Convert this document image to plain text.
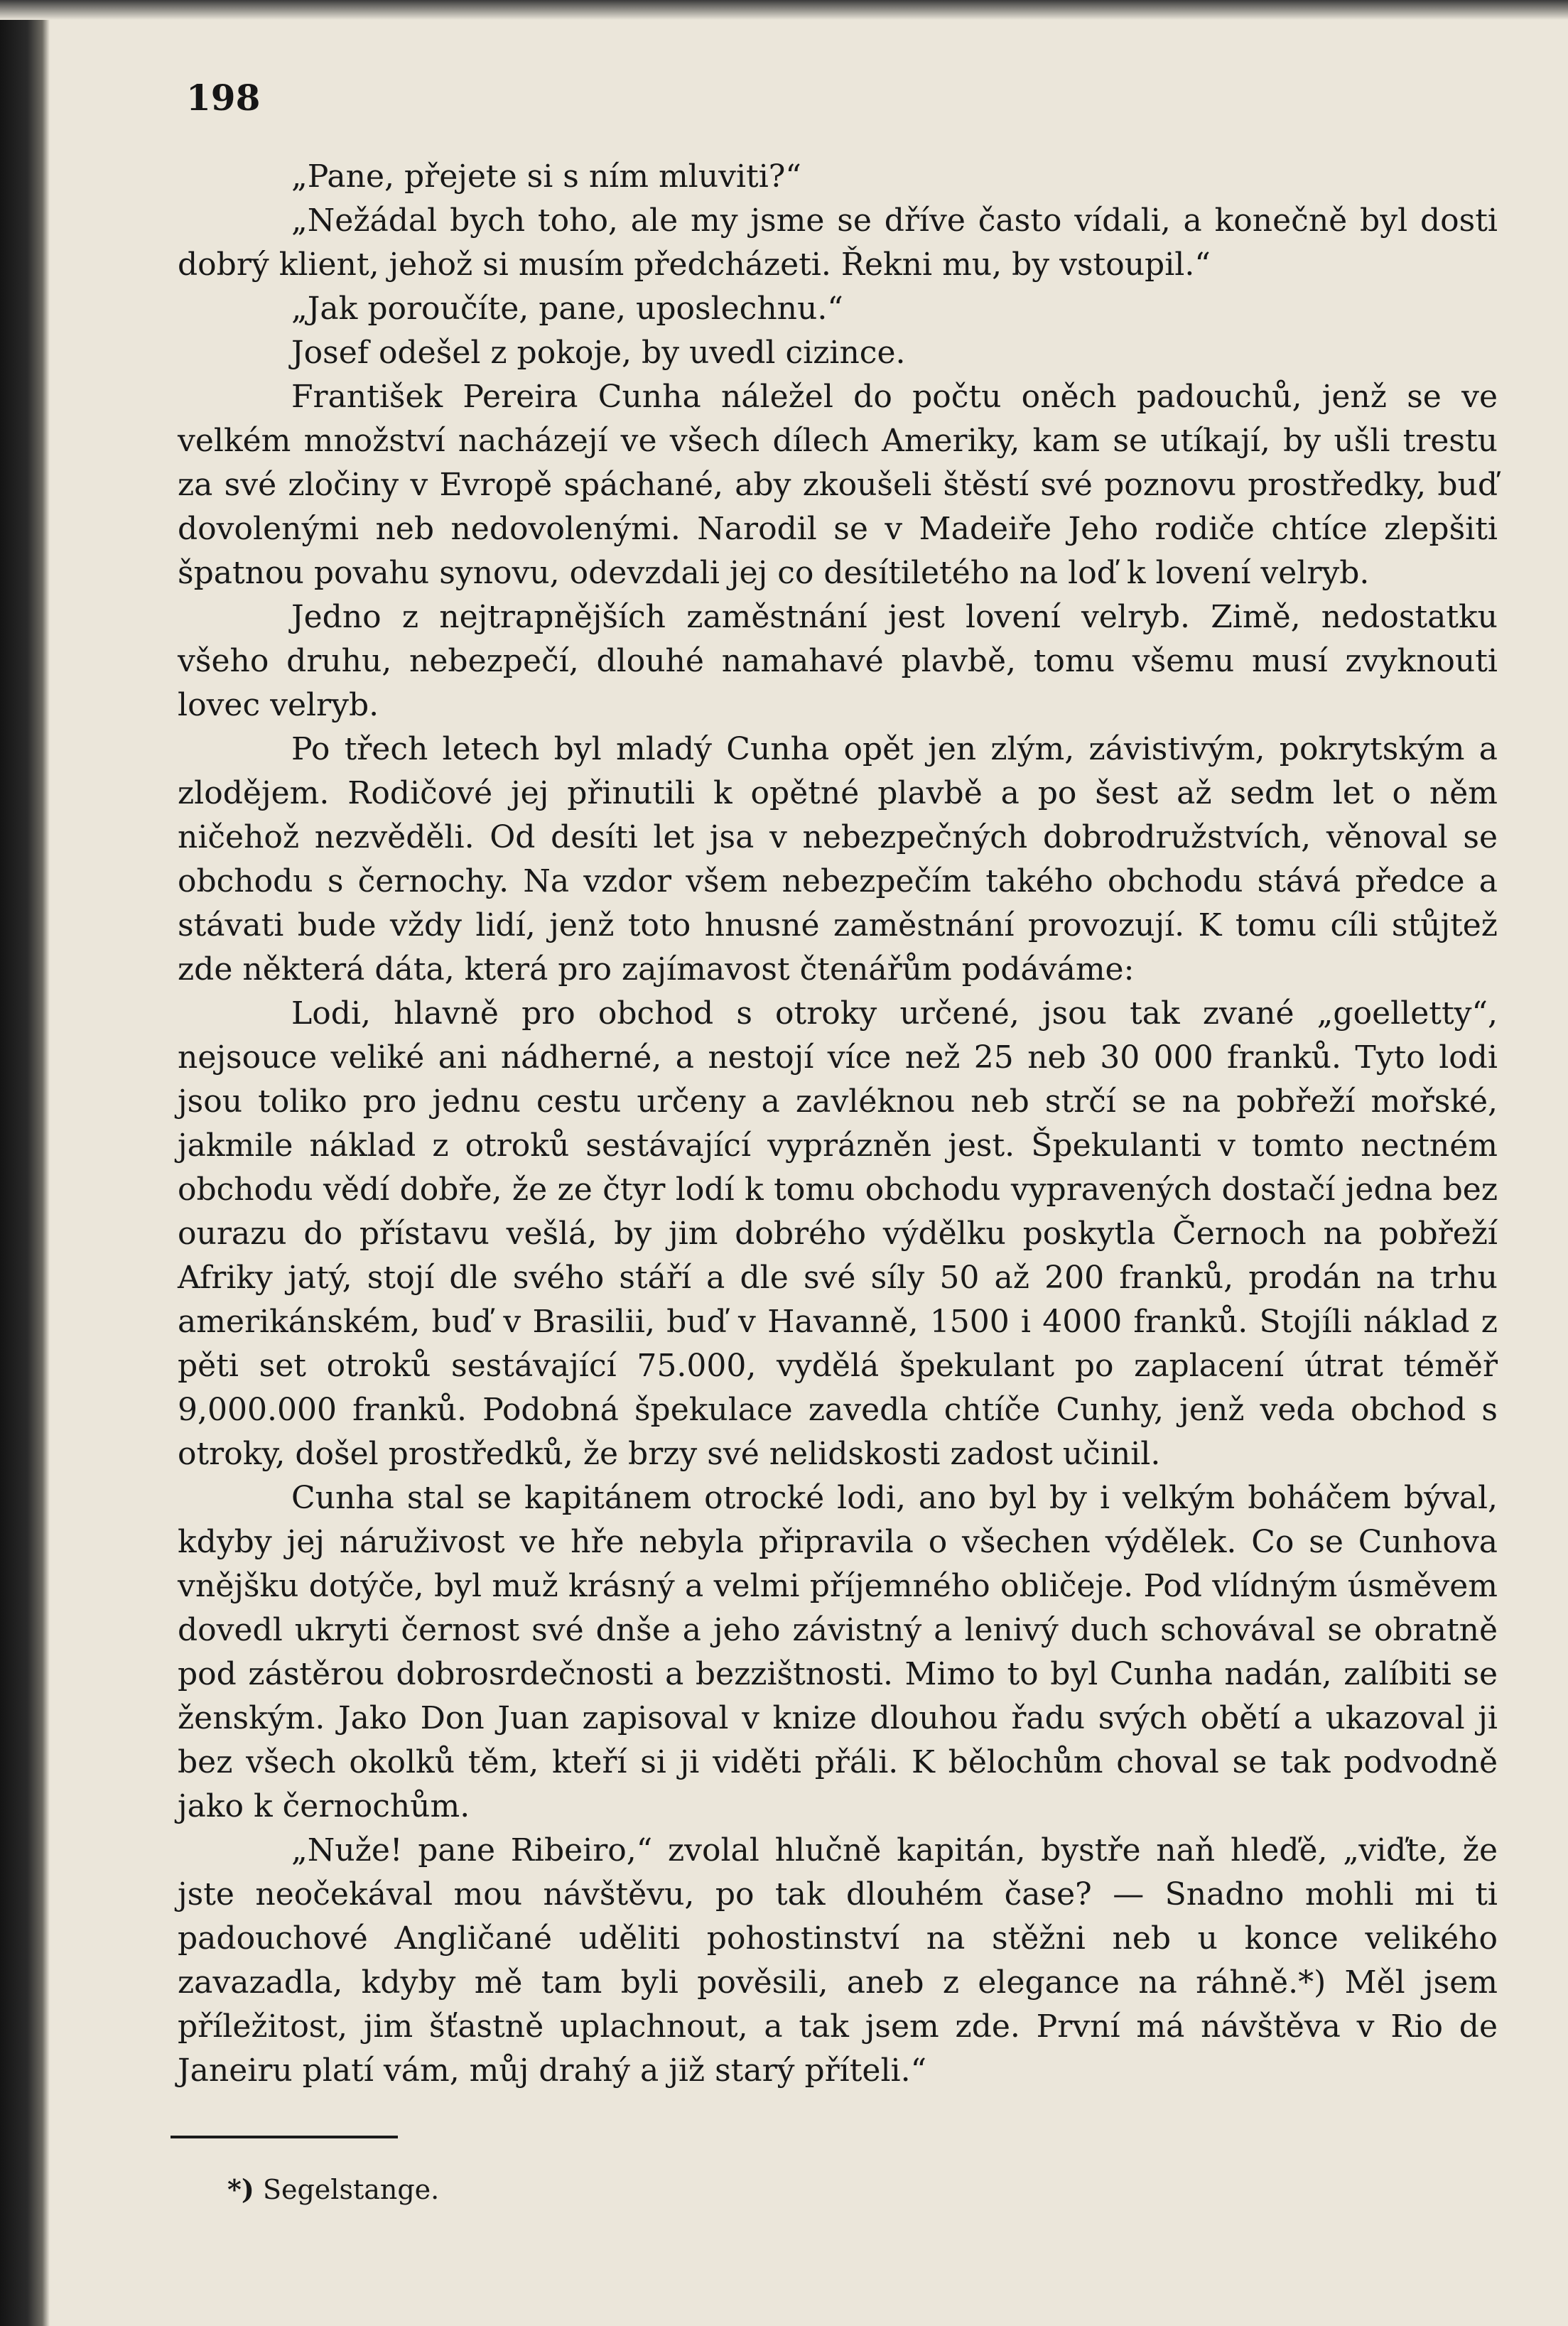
198

„Pane, přejete si s ním mluviti?“

„Nežádal bych toho, ale my jsme se dříve často vídali, a konečně byl dosti dobrý klient, jehož si musím předcházeti. Řekni mu, by vstoupil.“

„Jak poroučíte, pane, uposlechnu.“

Josef odešel z pokoje, by uvedl cizince.

František Pereira Cunha náležel do počtu oněch padouchů, jenž se ve velkém množství nacházejí ve všech dílech Ameriky, kam se utíkají, by ušli trestu za své zločiny v Evropě spáchané, aby zkoušeli štěstí své poznovu prostředky, buď dovolenými neb nedovolenými. Narodil se v Madeiře Jeho rodiče chtíce zlepšiti špatnou povahu synovu, odevzdali jej co desítiletého na loď k lovení velryb.

Jedno z nejtrapnějších zaměstnání jest lovení velryb. Zimě, nedostatku všeho druhu, nebezpečí, dlouhé namahavé plavbě, tomu všemu musí zvyknouti lovec velryb.

Po třech letech byl mladý Cunha opět jen zlým, závistivým, pokrytským a zlodějem. Rodičové jej přinutili k opětné plavbě a po šest až sedm let o něm ničehož nezvěděli. Od desíti let jsa v nebezpečných dobrodružstvích, věnoval se obchodu s černochy. Na vzdor všem nebezpečím takého obchodu stává předce a stávati bude vždy lidí, jenž toto hnusné zaměstnání provozují. K tomu cíli stůjtež zde některá dáta, která pro zajímavost čtenářům podáváme:

Lodi, hlavně pro obchod s otroky určené, jsou tak zvané „goelletty“, nejsouce veliké ani nádherné, a nestojí více než 25 neb 30 000 franků. Tyto lodi jsou toliko pro jednu cestu určeny a zavléknou neb strčí se na pobřeží mořské, jakmile náklad z otroků sestávající vyprázněn jest. Špekulanti v tomto nectném obchodu vědí dobře, že ze čtyr lodí k tomu obchodu vypravených dostačí jedna bez ourazu do přístavu vešlá, by jim dobrého výdělku poskytla Černoch na pobřeží Afriky jatý, stojí dle svého stáří a dle své síly 50 až 200 franků, prodán na trhu amerikánském, buď v Brasilii, buď v Havanně, 1500 i 4000 franků. Stojíli náklad z pěti set otroků sestávající 75.000, vydělá špekulant po zaplacení útrat téměř 9,000.000 franků. Podobná špekulace zavedla chtíče Cunhy, jenž veda obchod s otroky, došel prostředků, že brzy své nelidskosti zadost učinil.

Cunha stal se kapitánem otrocké lodi, ano byl by i velkým boháčem býval, kdyby jej náruživost ve hře nebyla připravila o všechen výdělek. Co se Cunhova vnějšku dotýče, byl muž krásný a velmi příjemného obličeje. Pod vlídným úsměvem dovedl ukryti černost své dnše a jeho závistný a lenivý duch schovával se obratně pod zástěrou dobrosrdečnosti a bezzištnosti. Mimo to byl Cunha nadán, zalíbiti se ženským. Jako Don Juan zapisoval v knize dlouhou řadu svých obětí a ukazoval ji bez všech okolků těm, kteří si ji viděti přáli. K bělochům choval se tak podvodně jako k černochům.

„Nuže! pane Ribeiro,“ zvolal hlučně kapitán, bystře naň hleďě, „viďte, že jste neočekával mou návštěvu, po tak dlouhém čase? — Snadno mohli mi ti padouchové Angličané uděliti pohostinství na stěžni neb u konce velikého zavazadla, kdyby mě tam byli pověsili, aneb z elegance na ráhně.*) Měl jsem příležitost, jim šťastně uplachnout, a tak jsem zde. První má návštěva v Rio de Janeiru platí vám, můj drahý a již starý příteli.“

*) Segelstange.
